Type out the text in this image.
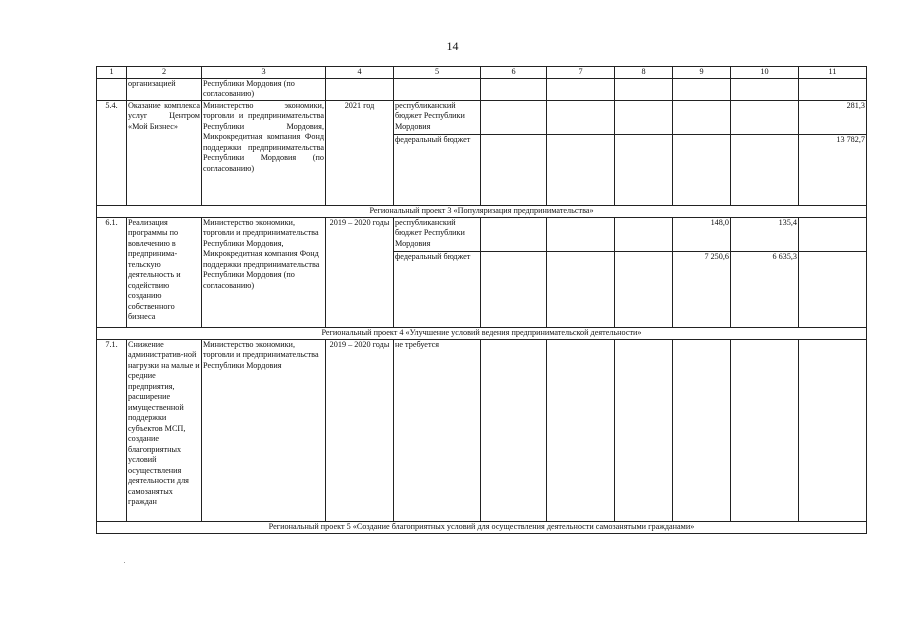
14
1	2	3	4	5	6	7	8	9	10	11
	организацией	Республики Мордовия (по согласованию)								
5.4.	Оказание комплекса услуг Центром «Мой Бизнес»	Министерство экономики, торговли и предпринимательства Республики Мордовия, Микрокредитная компания Фонд поддержки предпринимательства Республики Мордовия (по согласованию)	2021 год	республиканский бюджет Республики Мордовия						281,3
				федеральный бюджет						13 782,7
Региональный проект 3 «Популяризация предпринимательства»										
6.1.	Реализация программы по вовлечению в предпринима-тельскую деятельность и содействию созданию собственного бизнеса	Министерство экономики, торговли и предпринимательства Республики Мордовия, Микрокредитная компания Фонд поддержки предпринимательства Республики Мордовия (по согласованию)	2019 – 2020 годы	республиканский бюджет Республики Мордовия				148,0	135,4	
				федеральный бюджет				7 250,6	6 635,3	
Региональный проект 4 «Улучшение условий ведения предпринимательской деятельности»										
7.1.	Снижение административ-ной нагрузки на малые и средние предприятия, расширение имущественной поддержки субъектов МСП, создание благоприятных условий осуществления деятельности для самозанятых граждан	Министерство экономики, торговли и предпринимательства Республики Мордовия	2019 – 2020 годы	не требуется						
Региональный проект 5 «Создание благоприятных условий для осуществления деятельности самозанятыми гражданами»										
